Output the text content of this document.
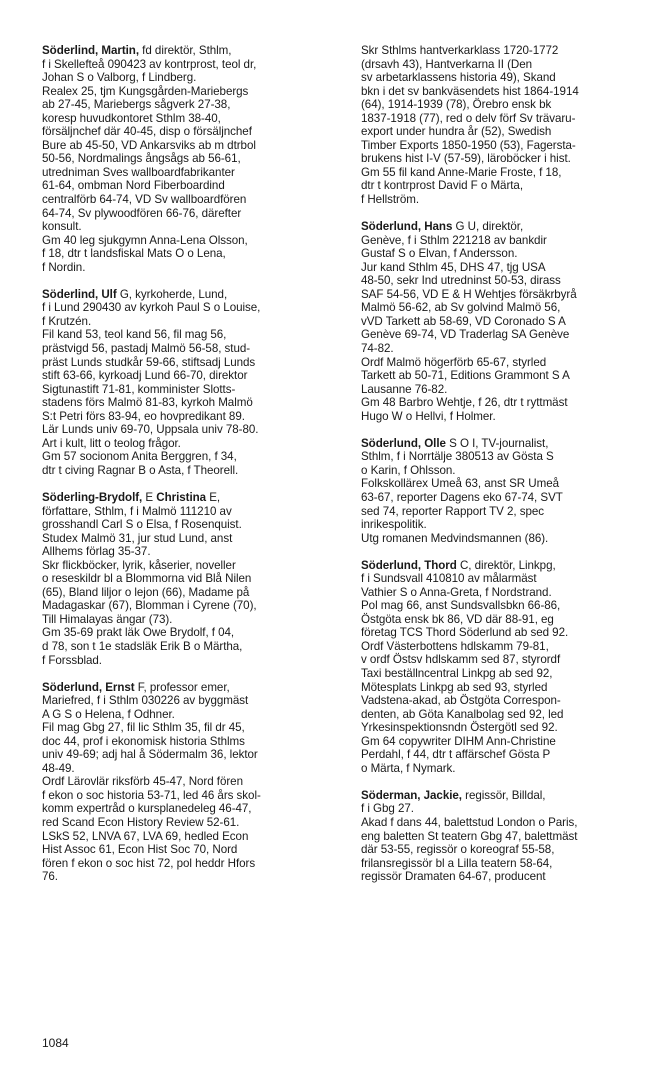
Söderlind, Martin, fd direktör, Sthlm,
f i Skellefteå 090423 av kontrprost, teol dr,
Johan S o Valborg, f Lindberg.
Realex 25, tjm Kungsgården-Mariebergs
ab 27-45, Mariebergs sågverk 27-38,
koresp huvudkontoret Sthlm 38-40,
försäljnchef där 40-45, disp o försäljnchef
Bure ab 45-50, VD Ankarsviks ab m dtrbol
50-56, Nordmalings ångsågs ab 56-61,
utredniman Sves wallboardfabrikanter
61-64, ombman Nord Fiberboardind
centralförb 64-74, VD Sv wallboardfören
64-74, Sv plywoodfören 66-76, därefter
konsult.
Gm 40 leg sjukgymn Anna-Lena Olsson,
f 18, dtr t landsfiskal Mats O o Lena,
f Nordin.
Söderlind, Ulf G, kyrkoherde, Lund,
f i Lund 290430 av kyrkoh Paul S o Louise,
f Krutzén.
Fil kand 53, teol kand 56, fil mag 56,
prästvigd 56, pastadj Malmö 56-58, stud-
präst Lunds studkår 59-66, stiftsadj Lunds
stift 63-66, kyrkoadj Lund 66-70, direktor
Sigtunastift 71-81, komminister Slotts-
stadens förs Malmö 81-83, kyrkoh Malmö
S:t Petri förs 83-94, eo hovpredikant 89.
Lär Lunds univ 69-70, Uppsala univ 78-80.
Art i kult, litt o teolog frågor.
Gm 57 socionom Anita Berggren, f 34,
dtr t civing Ragnar B o Asta, f Theorell.
Söderling-Brydolf, E Christina E,
författare, Sthlm, f i Malmö 111210 av
grosshandl Carl S o Elsa, f Rosenquist.
Studex Malmö 31, jur stud Lund, anst
Allhems förlag 35-37.
Skr flickböcker, lyrik, kåserier, noveller
o reseskildr bl a Blommorna vid Blå Nilen
(65), Bland liljor o lejon (66), Madame på
Madagaskar (67), Blomman i Cyrene (70),
Till Himalayas ängar (73).
Gm 35-69 prakt läk Owe Brydolf, f 04,
d 78, son t 1e stadsläk Erik B o Märtha,
f Forssblad.
Söderlund, Ernst F, professor emer,
Mariefred, f i Sthlm 030226 av byggmäst
A G S o Helena, f Odhner.
Fil mag Gbg 27, fil lic Sthlm 35, fil dr 45,
doc 44, prof i ekonomisk historia Sthlms
univ 49-69; adj hal å Södermalm 36, lektor
48-49.
Ordf Lärovlär riksförb 45-47, Nord fören
f ekon o soc historia 53-71, led 46 års skol-
komm expertråd o kursplanedeleg 46-47,
red Scand Econ History Review 52-61.
LSkS 52, LNVA 67, LVA 69, hedled Econ
Hist Assoc 61, Econ Hist Soc 70, Nord
fören f ekon o soc hist 72, pol heddr Hfors
76.
Skr Sthlms hantverkarklass 1720-1772
(drsavh 43), Hantverkarna II (Den
sv arbetarklassens historia 49), Skand
bkn i det sv bankväsendets hist 1864-1914
(64), 1914-1939 (78), Örebro ensk bk
1837-1918 (77), red o delv förf Sv trävaru-
export under hundra år (52), Swedish
Timber Exports 1850-1950 (53), Fagersta-
brukens hist I-V (57-59), läroböcker i hist.
Gm 55 fil kand Anne-Marie Froste, f 18,
dtr t kontrprost David F o Märta,
f Hellström.
Söderlund, Hans G U, direktör,
Genève, f i Sthlm 221218 av bankdir
Gustaf S o Elvan, f Andersson.
Jur kand Sthlm 45, DHS 47, tjg USA
48-50, sekr Ind utredninst 50-53, dirass
SAF 54-56, VD E & H Wehtjes försäkrbyrå
Malmö 56-62, ab Sv golvind Malmö 56,
vVD Tarkett ab 58-69, VD Coronado S A
Genève 69-74, VD Traderlag SA Genève
74-82.
Ordf Malmö högerförb 65-67, styrled
Tarkett ab 50-71, Editions Grammont S A
Lausanne 76-82.
Gm 48 Barbro Wehtje, f 26, dtr t ryttmäst
Hugo W o Hellvi, f Holmer.
Söderlund, Olle S O I, TV-journalist,
Sthlm, f i Norrtälje 380513 av Gösta S
o Karin, f Ohlsson.
Folkskollärex Umeå 63, anst SR Umeå
63-67, reporter Dagens eko 67-74, SVT
sed 74, reporter Rapport TV 2, spec
inrikespolitik.
Utg romanen Medvindsmannen (86).
Söderlund, Thord C, direktör, Linkpg,
f i Sundsvall 410810 av målarmäst
Vathier S o Anna-Greta, f Nordstrand.
Pol mag 66, anst Sundsvallsbkn 66-86,
Östgöta ensk bk 86, VD där 88-91, eg
företag TCS Thord Söderlund ab sed 92.
Ordf Västerbottens hdlskamm 79-81,
v ordf Östsv hdlskamm sed 87, styrordf
Taxi beställncentral Linkpg ab sed 92,
Mötesplats Linkpg ab sed 93, styrled
Vadstena-akad, ab Östgöta Correspon-
denten, ab Göta Kanalbolag sed 92, led
Yrkesinspektionsndn Östergötl sed 92.
Gm 64 copywriter DIHM Ann-Christine
Perdahl, f 44, dtr t affärschef Gösta P
o Märta, f Nymark.
Söderman, Jackie, regissör, Billdal,
f i Gbg 27.
Akad f dans 44, balettstud London o Paris,
eng baletten St teatern Gbg 47, balettmäst
där 53-55, regissör o koreograf 55-58,
frilansregissör bl a Lilla teatern 58-64,
regissör Dramaten 64-67, producent
1084
